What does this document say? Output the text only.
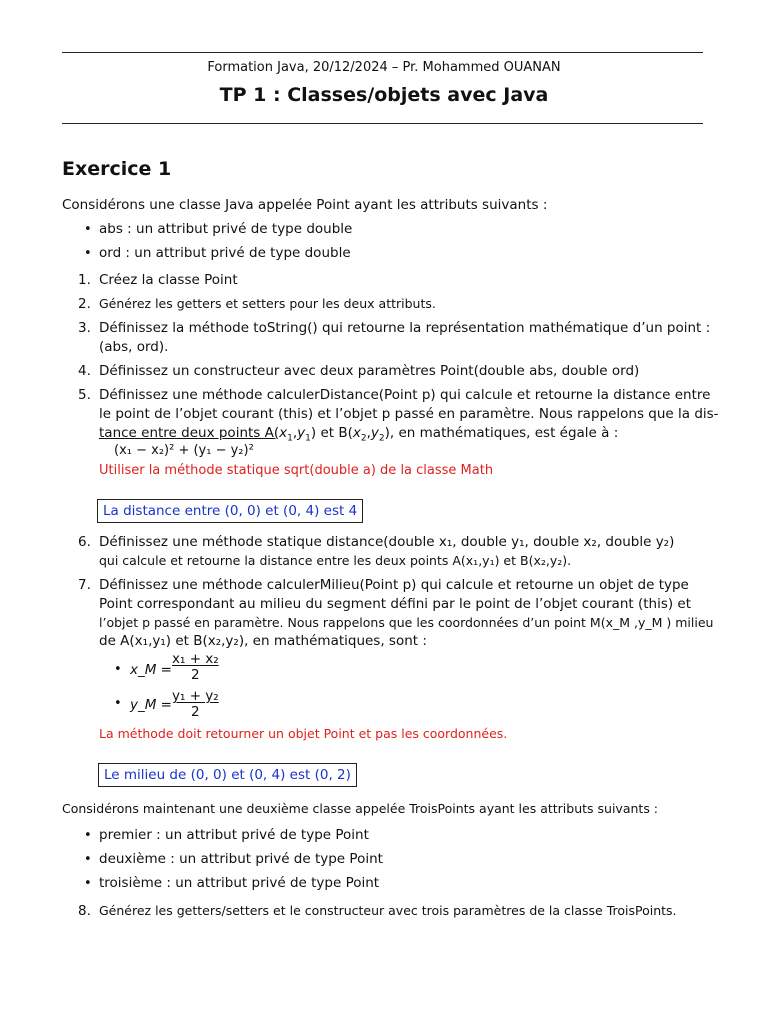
Formation Java, 20/12/2024 – Pr. Mohammed OUANAN
TP 1 : Classes/objets avec Java
Exercice 1
Considérons une classe Java appelée Point ayant les attributs suivants :
• abs : un attribut privé de type double
• ord : un attribut privé de type double
1. Créez la classe Point
2. Générez les getters et setters pour les deux attributs.
3. Définissez la méthode toString() qui retourne la représentation mathématique d’un point :
(abs, ord).
4. Définissez un constructeur avec deux paramètres Point(double abs, double ord)
5. Définissez une méthode calculerDistance(Point p) qui calcule et retourne la distance entre
le point de l’objet courant (this) et l’objet p passé en paramètre. Nous rappelons que la dis-
tance entre deux points $A(x_1,y_1)$ et $B(x_2,y_2)$, en mathématiques, est égale à :
(x₁ − x₂)² + (y₁ − y₂)²
Utiliser la méthode statique sqrt(double a) de la classe Math
La distance entre (0, 0) et (0, 4) est 4
6. Définissez une méthode statique distance(double x₁, double y₁, double x₂, double y₂)
qui calcule et retourne la distance entre les deux points A(x₁,y₁) et B(x₂,y₂).
7. Définissez une méthode calculerMilieu(Point p) qui calcule et retourne un objet de type
Point correspondant au milieu du segment défini par le point de l’objet courant (this) et
l’objet p passé en paramètre. Nous rappelons que les coordonnées d’un point M(x_M ,y_M ) milieu
de A(x₁,y₁) et B(x₂,y₂), en mathématiques, sont :
• x_M = $\frac{\text{x₁ + x₂}}{2}$
• y_M = $\frac{\text{y₁ + y₂}}{2}$
La méthode doit retourner un objet Point et pas les coordonnées.
Le milieu de (0, 0) et (0, 4) est (0, 2)
Considérons maintenant une deuxième classe appelée TroisPoints ayant les attributs suivants :
• premier : un attribut privé de type Point
• deuxième : un attribut privé de type Point
• troisième : un attribut privé de type Point
8. Générez les getters/setters et le constructeur avec trois paramètres de la classe TroisPoints.
